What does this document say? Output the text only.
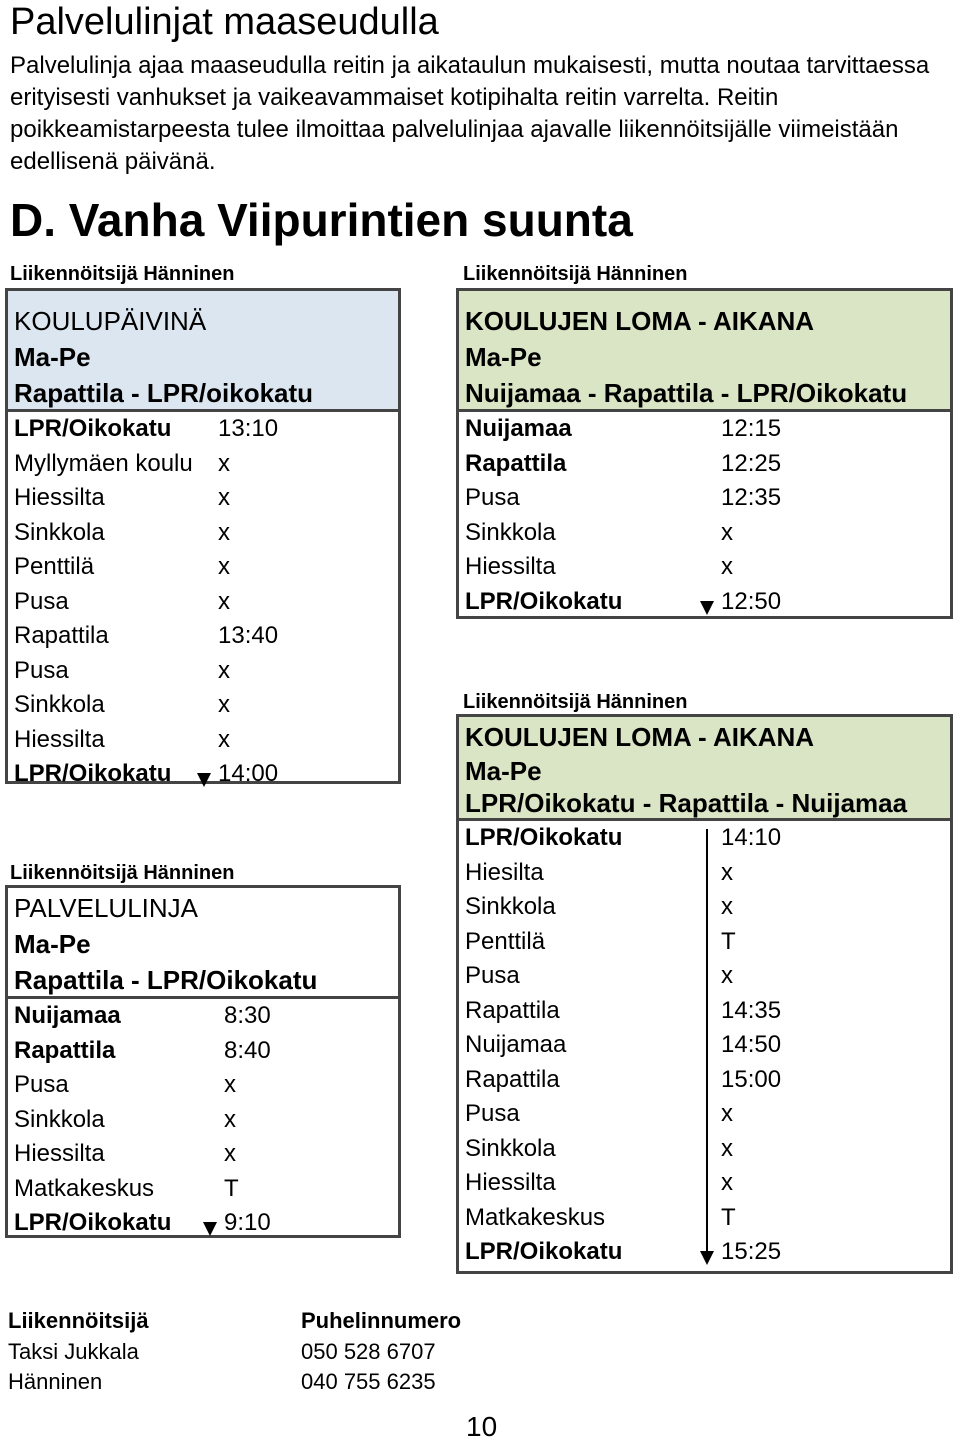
Palvelulinjat maaseudulla
Palvelulinja ajaa maaseudulla reitin ja aikataulun mukaisesti, mutta noutaa tarvittaessa erityisesti vanhukset ja vaikeavammaiset kotipihalta reitin varrelta. Reitin poikkeamistarpeesta tulee ilmoittaa palvelulinjaa ajavalle liikennöitsijälle viimeistään edellisenä päivänä.
D. Vanha Viipurintien suunta
Liikennöitsijä Hänninen
KOULUPÄIVINÄ
Ma-Pe
Rapattila - LPR/oikokatu
LPR/Oikokatu 13:10
Myllymäen koulu x
Hiessilta	x
Sinkkola	x
Penttilä	x
Pusa	x
Rapattila	13:40
Pusa	x
Sinkkola	x
Hiessilta	x
LPR/Oikokatu 14:00
Liikennöitsijä Hänninen
PALVELULINJA
Ma-Pe
Rapattila - LPR/Oikokatu
Nuijamaa	8:30
Rapattila	8:40
Pusa	x
Sinkkola	x
Hiessilta	x
Matkakeskus	T
LPR/Oikokatu 9:10
Liikennöitsijä Hänninen
KOULUJEN LOMA - AIKANA
Ma-Pe
Nuijamaa - Rapattila - LPR/Oikokatu
Nuijamaa	12:15
Rapattila	12:25
Pusa	12:35
Sinkkola	x
Hiessilta	x
LPR/Oikokatu	12:50
Liikennöitsijä Hänninen
KOULUJEN LOMA - AIKANA
Ma-Pe
LPR/Oikokatu - Rapattila - Nuijamaa
LPR/Oikokatu	14:10
Hiesilta	x
Sinkkola	x
Penttilä	T
Pusa	x
Rapattila	14:35
Nuijamaa	14:50
Rapattila	15:00
Pusa	x
Sinkkola	x
Hiessilta	x
Matkakeskus	T
LPR/Oikokatu	15:25
Liikennöitsijä	Puhelinnumero
Taksi Jukkala	050 528 6707
Hänninen	040 755 6235
10
